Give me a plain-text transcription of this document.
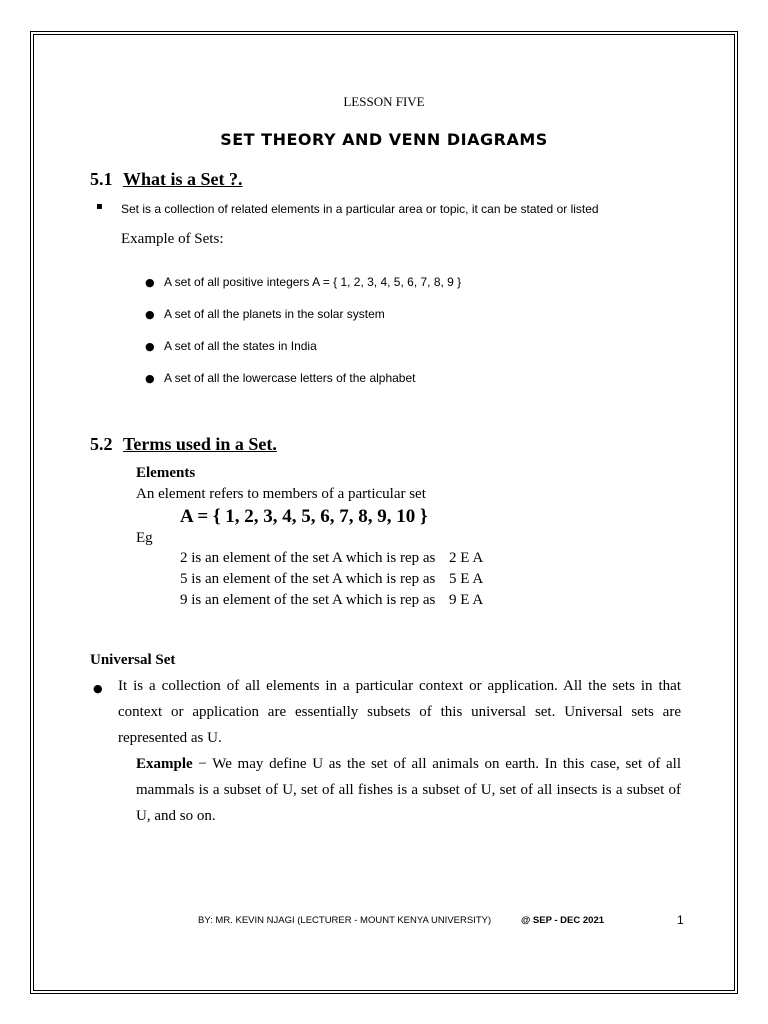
LESSON FIVE
SET THEORY AND VENN DIAGRAMS
5.1 What is a Set ?.
▪ Set is a collection of related elements in a particular area or topic, it can be stated or listed
Example of Sets:
● A set of all positive integers A = { 1, 2, 3, 4, 5, 6, 7, 8, 9 }
● A set of all the planets in the solar system
● A set of all the states in India
● A set of all the lowercase letters of the alphabet
5.2 Terms used in a Set.
Elements
An element refers to members of a particular set
A = { 1, 2, 3, 4, 5, 6, 7, 8, 9, 10 }
Eg
2 is an element of the set A which is rep as 2 E A
5 is an element of the set A which is rep as 5 E A
9 is an element of the set A which is rep as 9 E A
Universal Set
● It is a collection of all elements in a particular context or application. All the sets in that context or application are essentially subsets of this universal set. Universal sets are represented as U.
Example − We may define U as the set of all animals on earth. In this case, set of all mammals is a subset of U, set of all fishes is a subset of U, set of all insects is a subset of U, and so on.
BY: MR. KEVIN NJAGI (LECTURER - MOUNT KENYA UNIVERSITY)	@ SEP - DEC 2021	1
